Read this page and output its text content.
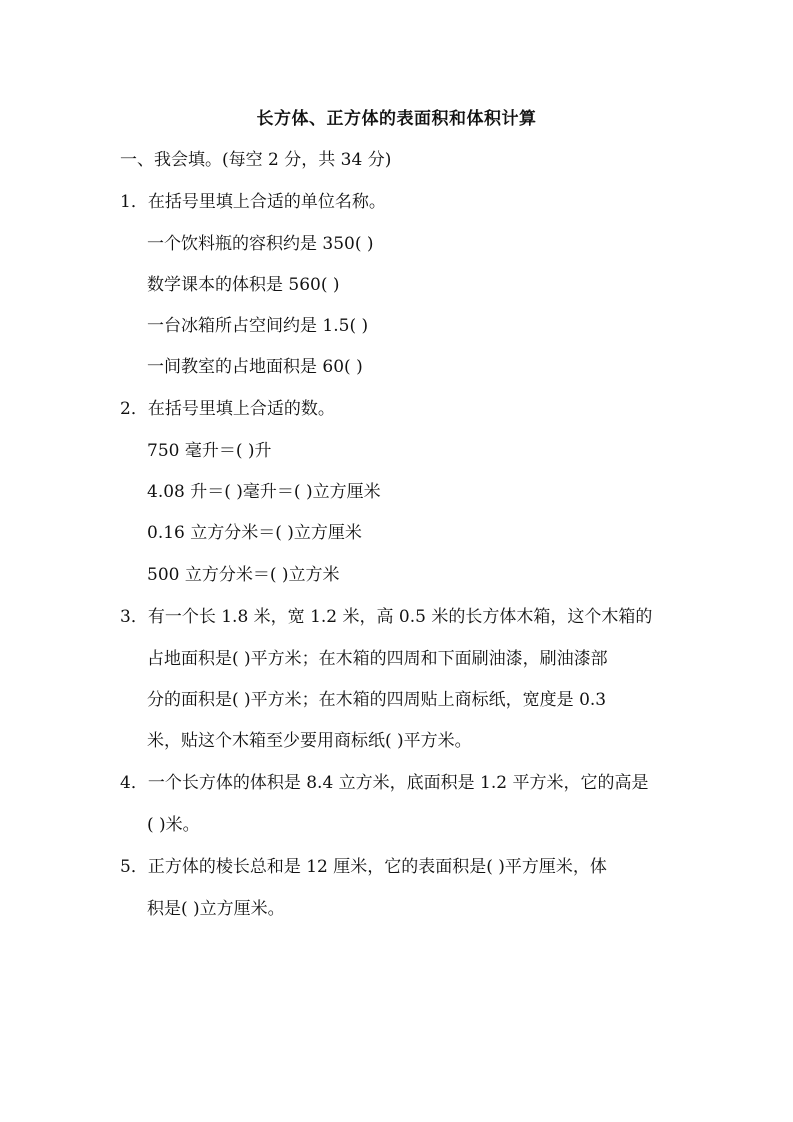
长方体、正方体的表面积和体积计算
一、我会填。(每空 2 分，共 34 分)
1．在括号里填上合适的单位名称。
一个饮料瓶的容积约是 350( )
数学课本的体积是 560( )
一台冰箱所占空间约是 1.5( )
一间教室的占地面积是 60( )
2．在括号里填上合适的数。
750 毫升＝( )升
4.08 升＝( )毫升＝( )立方厘米
0.16 立方分米＝( )立方厘米
500 立方分米＝( )立方米
3．有一个长 1.8 米，宽 1.2 米，高 0.5 米的长方体木箱，这个木箱的
占地面积是( )平方米；在木箱的四周和下面刷油漆，刷油漆部
分的面积是( )平方米；在木箱的四周贴上商标纸，宽度是 0.3
米，贴这个木箱至少要用商标纸( )平方米。
4．一个长方体的体积是 8.4 立方米，底面积是 1.2 平方米，它的高是
( )米。
5．正方体的棱长总和是 12 厘米，它的表面积是( )平方厘米，体
积是( )立方厘米。
